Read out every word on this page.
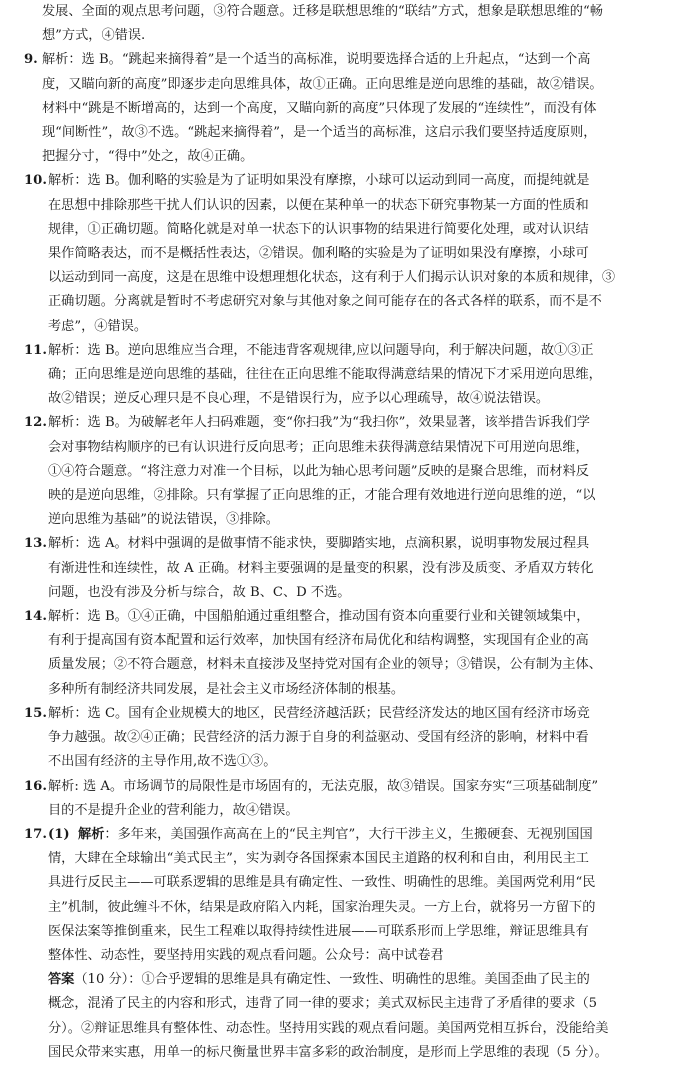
发展、全面的观点思考问题，③符合题意。迁移是联想思维的“联结”方式，想象是联想思维的“畅
想”方式，④错误.
9. 解析：选 B。“跳起来摘得着”是一个适当的高标准，说明要选择合适的上升起点，“达到一个高
度，又瞄向新的高度”即逐步走向思维具体，故①正确。正向思维是逆向思维的基础，故②错误。
材料中“跳是不断增高的，达到一个高度，又瞄向新的高度”只体现了发展的“连续性”，而没有体
现“间断性”，故③不选。“跳起来摘得着”，是一个适当的高标准，这启示我们要坚持适度原则，
把握分寸，“得中”处之，故④正确。
10.解析：选 B。伽利略的实验是为了证明如果没有摩擦，小球可以运动到同一高度，而提纯就是
在思想中排除那些干扰人们认识的因素，以便在某种单一的状态下研究事物某一方面的性质和
规律，①正确切题。简略化就是对单一状态下的认识事物的结果进行简要化处理，或对认识结
果作简略表达，而不是概括性表达，②错误。伽利略的实验是为了证明如果没有摩擦，小球可
以运动到同一高度，这是在思维中设想理想化状态，这有利于人们揭示认识对象的本质和规律，③
正确切题。分离就是暂时不考虑研究对象与其他对象之间可能存在的各式各样的联系，而不是不
考虑”，④错误。
11.解析：选 B。逆向思维应当合理，不能违背客观规律,应以问题导向，利于解决问题，故①③正
确；正向思维是逆向思维的基础，往往在正向思维不能取得满意结果的情况下才采用逆向思维，
故②错误；逆反心理只是不良心理，不是错误行为，应予以心理疏导，故④说法错误。
12.解析：选 B。为破解老年人扫码难题，变“你扫我”为“我扫你”，效果显著，该举措告诉我们学
会对事物结构顺序的已有认识进行反向思考；正向思维未获得满意结果情况下可用逆向思维，
①④符合题意。“将注意力对准一个目标，以此为轴心思考问题”反映的是聚合思维，而材料反
映的是逆向思维，②排除。只有掌握了正向思维的正，才能合理有效地进行逆向思维的逆，“以
逆向思维为基础”的说法错误，③排除。
13.解析：选 A。材料中强调的是做事情不能求快，要脚踏实地，点滴积累，说明事物发展过程具
有渐进性和连续性，故 A 正确。材料主要强调的是量变的积累，没有涉及质变、矛盾双方转化
问题，也没有涉及分析与综合，故 B、C、D 不选。
14.解析：选 B。①④正确，中国船舶通过重组整合，推动国有资本向重要行业和关键领域集中，
有利于提高国有资本配置和运行效率，加快国有经济布局优化和结构调整，实现国有企业的高
质量发展；②不符合题意，材料未直接涉及坚持党对国有企业的领导；③错误，公有制为主体、
多种所有制经济共同发展，是社会主义市场经济体制的根基。
15.解析：选 C。国有企业规模大的地区，民营经济越活跃；民营经济发达的地区国有经济市场竞
争力越强。故②④正确；民营经济的活力源于自身的利益驱动、受国有经济的影响，材料中看
不出国有经济的主导作用,故不选①③。
16.解析: 选 A。市场调节的局限性是市场固有的，无法克服，故③错误。国家夯实“三项基础制度”
目的不是提升企业的营利能力，故④错误。
17.(1) 解析：多年来，美国强作高高在上的“民主判官”，大行干涉主义，生搬硬套、无视别国国
情，大肆在全球输出“美式民主”，实为剥夺各国探索本国民主道路的权利和自由，利用民主工
具进行反民主——可联系逻辑的思维是具有确定性、一致性、明确性的思维。美国两党利用“民
主”机制，彼此缠斗不休，结果是政府陷入内耗，国家治理失灵。一方上台，就将另一方留下的
医保法案等推倒重来，民生工程难以取得持续性进展——可联系形而上学思维，辩证思维具有
整体性、动态性，要坚持用实践的观点看问题。公众号：高中试卷君
答案（10 分）：①合乎逻辑的思维是具有确定性、一致性、明确性的思维。美国歪曲了民主的
概念，混淆了民主的内容和形式，违背了同一律的要求；美式双标民主违背了矛盾律的要求（5
分）。②辩证思维具有整体性、动态性。坚持用实践的观点看问题。美国两党相互拆台，没能给美
国民众带来实惠，用单一的标尺衡量世界丰富多彩的政治制度，是形而上学思维的表现（5 分）。
